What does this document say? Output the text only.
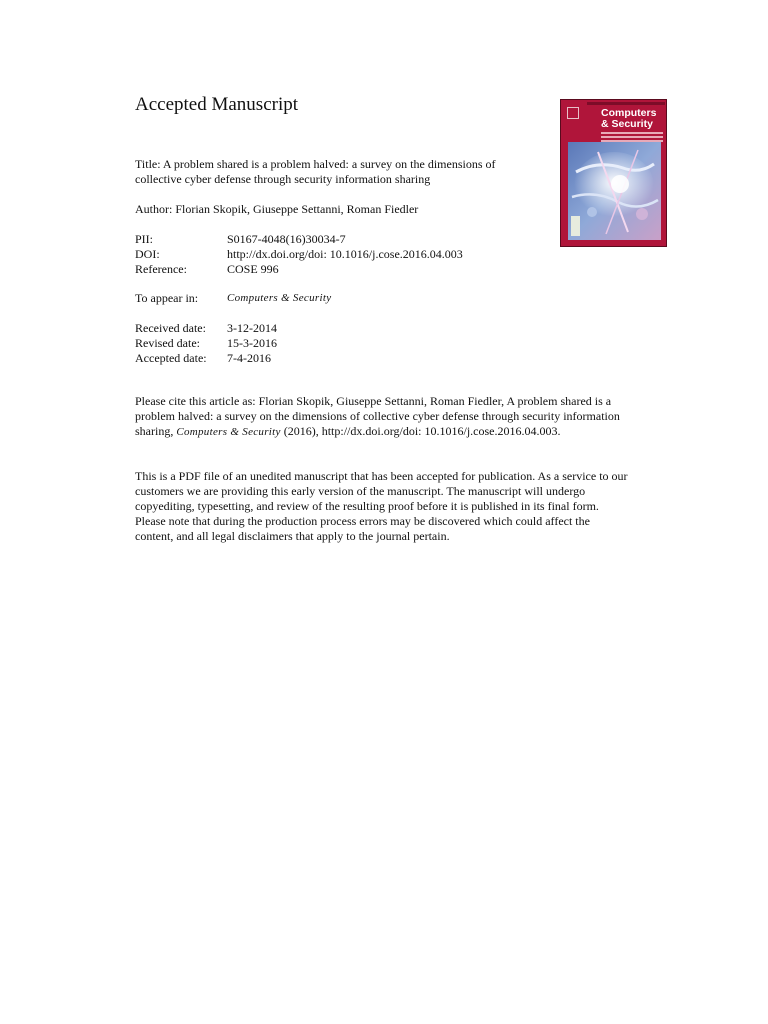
Accepted Manuscript
Title: A problem shared is a problem halved: a survey on the dimensions of collective cyber defense through security information sharing
Author: Florian Skopik, Giuseppe Settanni, Roman Fiedler
PII:	S0167-4048(16)30034-7
DOI:	http://dx.doi.org/doi: 10.1016/j.cose.2016.04.003
Reference:	COSE 996
To appear in:	Computers & Security
Received date:	3-12-2014
Revised date:	15-3-2016
Accepted date:	7-4-2016

Please cite this article as: Florian Skopik, Giuseppe Settanni, Roman Fiedler, A problem shared is a problem halved: a survey on the dimensions of collective cyber defense through security information sharing, Computers & Security (2016), http://dx.doi.org/doi: 10.1016/j.cose.2016.04.003.

This is a PDF file of an unedited manuscript that has been accepted for publication. As a service to our customers we are providing this early version of the manuscript. The manuscript will undergo copyediting, typesetting, and review of the resulting proof before it is published in its final form. Please note that during the production process errors may be discovered which could affect the content, and all legal disclaimers that apply to the journal pertain.

Computers & Security
